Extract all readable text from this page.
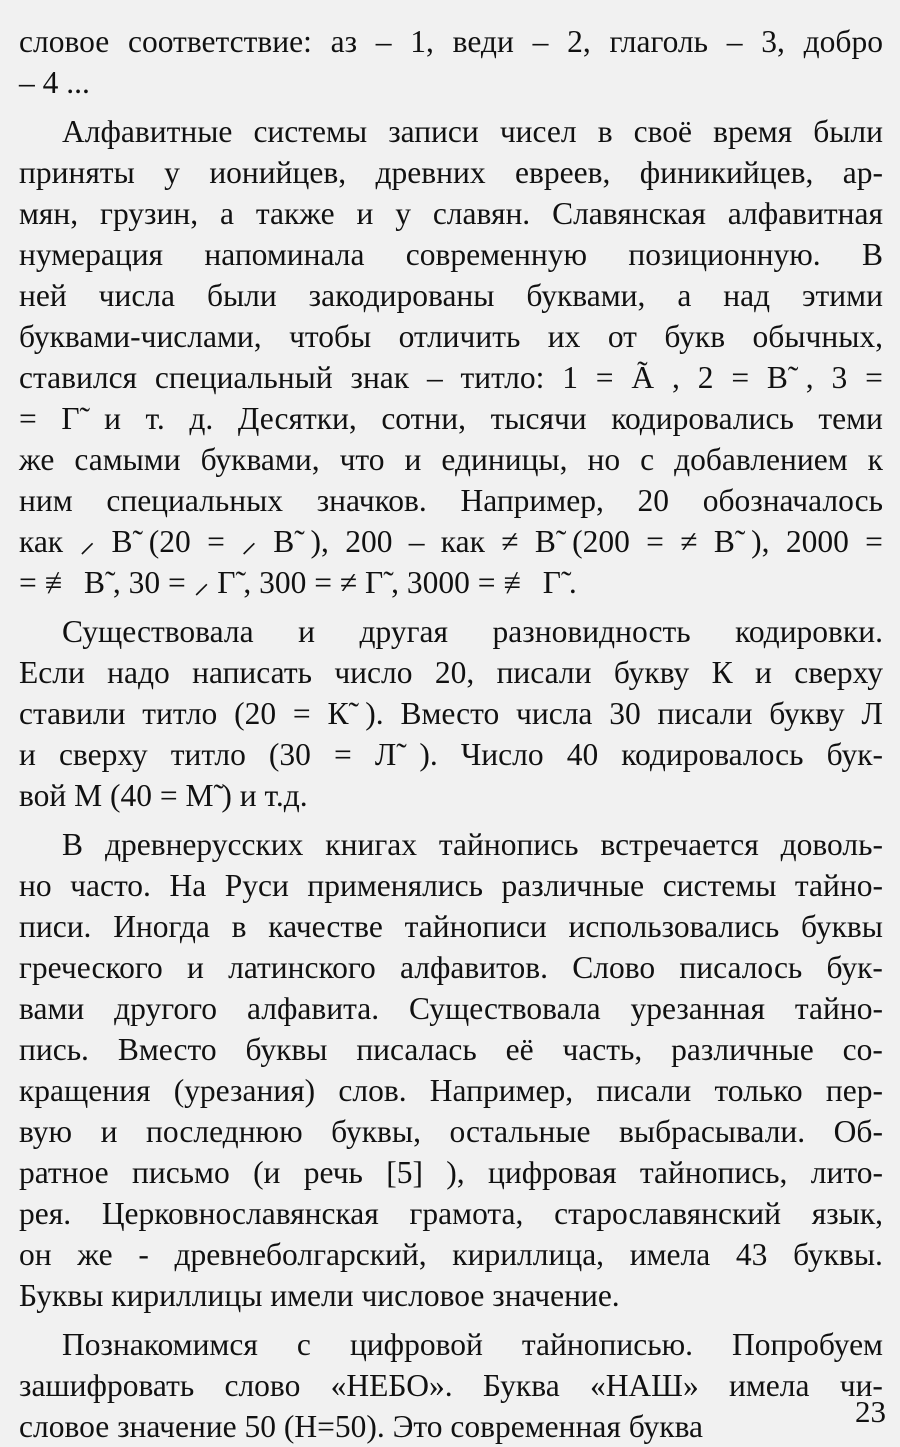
словое соответствие: аз – 1, веди – 2, глаголь – 3, добро
– 4 ...
Алфавитные системы записи чисел в своё время были
приняты у ионийцев, древних евреев, финикийцев, ар-
мян, грузин, а также и у славян. Славянская алфавитная
нумерация напоминала современную позиционную. В
ней числа были закодированы буквами, а над этими
буквами-числами, чтобы отличить их от букв обычных,
ставился специальный знак – титло: 1 = Ã , 2 = В̃ , 3 =
= Г̃ и т. д. Десятки, сотни, тысячи кодировались теми
же самыми буквами, что и единицы, но с добавлением к
ним специальных значков. Например, 20 обозначалось
как ⸝ В̃ (20 = ⸝ В̃ ), 200 – как ≠ В̃ (200 = ≠ В̃ ), 2000 =
= ≢ В̃ , 30 = ⸝ Г̃ , 300 = ≠ Г̃ , 3000 = ≢ Г̃ .
Существовала и другая разновидность кодировки.
Если надо написать число 20, писали букву К и сверху
ставили титло (20 = К̃ ). Вместо числа 30 писали букву Л
и сверху титло (30 = Л̃ ). Число 40 кодировалось бук-
вой М (40 = М̃ ) и т.д.
В древнерусских книгах тайнопись встречается доволь-
но часто. На Руси применялись различные системы тайно-
писи. Иногда в качестве тайнописи использовались буквы
греческого и латинского алфавитов. Слово писалось бук-
вами другого алфавита. Существовала урезанная тайно-
пись. Вместо буквы писалась её часть, различные со-
кращения (урезания) слов. Например, писали только пер-
вую и последнюю буквы, остальные выбрасывали. Об-
ратное письмо (и речь [5] ), цифровая тайнопись, лито-
рея. Церковнославянская грамота, старославянский язык,
он же - древнеболгарский, кириллица, имела 43 буквы.
Буквы кириллицы имели числовое значение.
Познакомимся с цифровой тайнописью. Попробуем
зашифровать слово «НЕБО». Буква «НАШ» имела чи-
словое значение 50 (Н=50). Это современная буква	23
